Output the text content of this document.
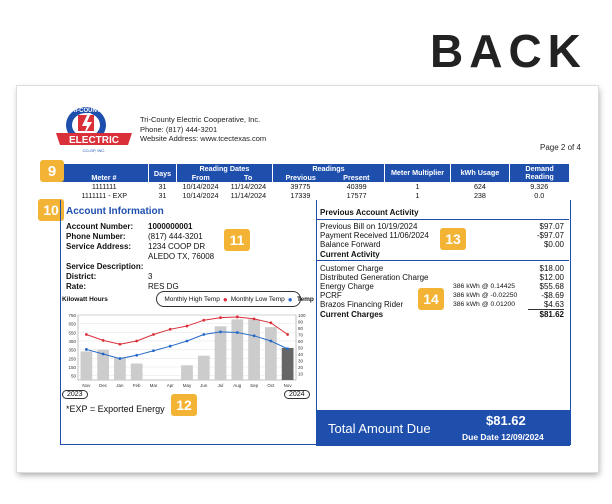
BACK
ELECTRIC
TRI-COUNTY
CO-OP, INC.
Tri-County Electric Cooperative, Inc.
Phone: (817) 444-3201
Website Address: www.tcectexas.com
Page 2 of 4
Meter #	Days	Reading Dates		Readings		Meter Multiplier	kWh Usage	Demand Reading
		From	To	Previous	Present			
1111111	31	10/14/2024	11/14/2024	39775	40399	1	624	9.326
1111111 - EXP	31	10/14/2024	11/14/2024	17339	17577	1	238	0.0
9
10
11
12
13
14
Account Information
Account Number: 1000000001
Phone Number:	(817) 444-3201
Service Address: 1234 COOP DR
ALEDO TX, 76008
Service Description:
District:	3
Rate:	RES DG
Kilowatt Hours	Monthly High Temp ● Monthly Low Temp ● Temp
750
650
550
450
350
250
150
50
100
90
80
70
60
50
40
30
20
10
Nov Dec Jan Feb Mar Apr May Jun Jul Aug Sep Oct Nov
2023	2024
*EXP = Exported Energy
Previous Account Activity
Previous Bill on 10/19/2024	$97.07
Payment Received 11/06/2024	-$97.07
Balance Forward	$0.00
Current Activity
Customer Charge	$18.00
Distributed Generation Charge	$12.00
Energy Charge	386 kWh @ 0.14425	$55.68
PCRF	386 kWh @ -0.02250	-$8.69
Brazos Financing Rider	386 kWh @ 0.01200	$4.63
Current Charges	$81.62
Total Amount Due
$81.62
Due Date 12/09/2024
